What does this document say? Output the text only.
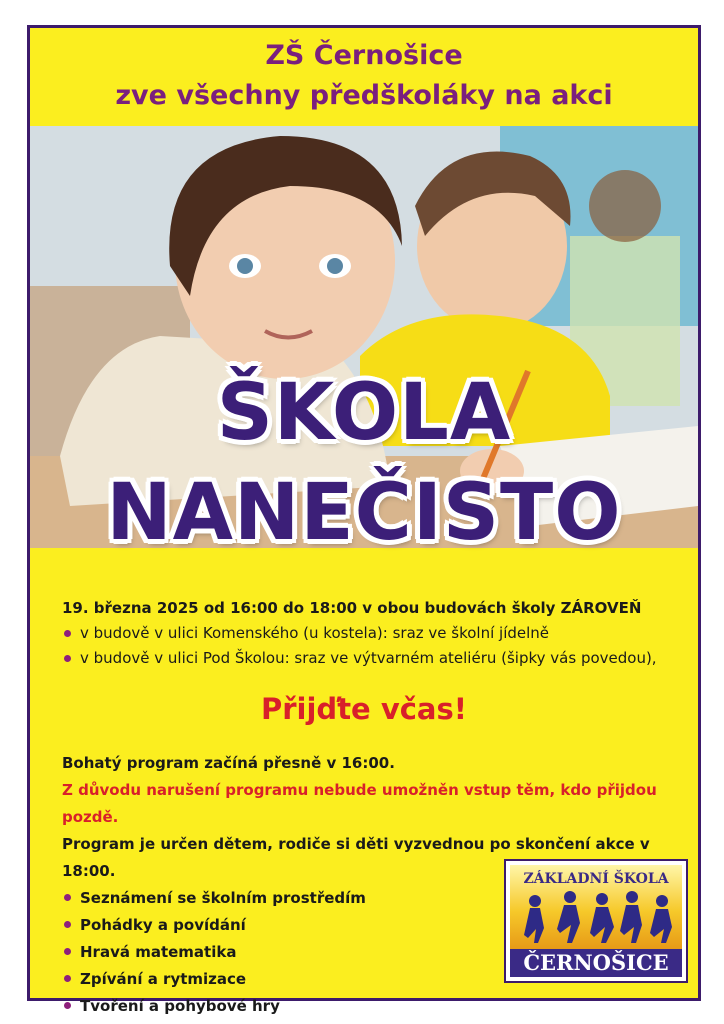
ZŠ Černošice
zve všechny předškoláky na akci
ŠKOLA
NANEČISTO
19. března 2025 od 16:00 do 18:00 v obou budovách školy ZÁROVEŇ
v budově v ulici Komenského (u kostela): sraz ve školní jídelně
v budově v ulici Pod Školou: sraz ve výtvarném ateliéru (šipky vás povedou),
Přijďte včas!
Bohatý program začíná přesně v 16:00.
Z důvodu narušení programu nebude umožněn vstup těm, kdo přijdou pozdě.
Program je určen dětem, rodiče si děti vyzvednou po skončení akce v 18:00.
Seznámení se školním prostředím
Pohádky a povídání
Hravá matematika
Zpívání a rytmizace
Tvoření a pohybové hry
ZÁKLADNÍ ŠKOLA
ČERNOŠICE
